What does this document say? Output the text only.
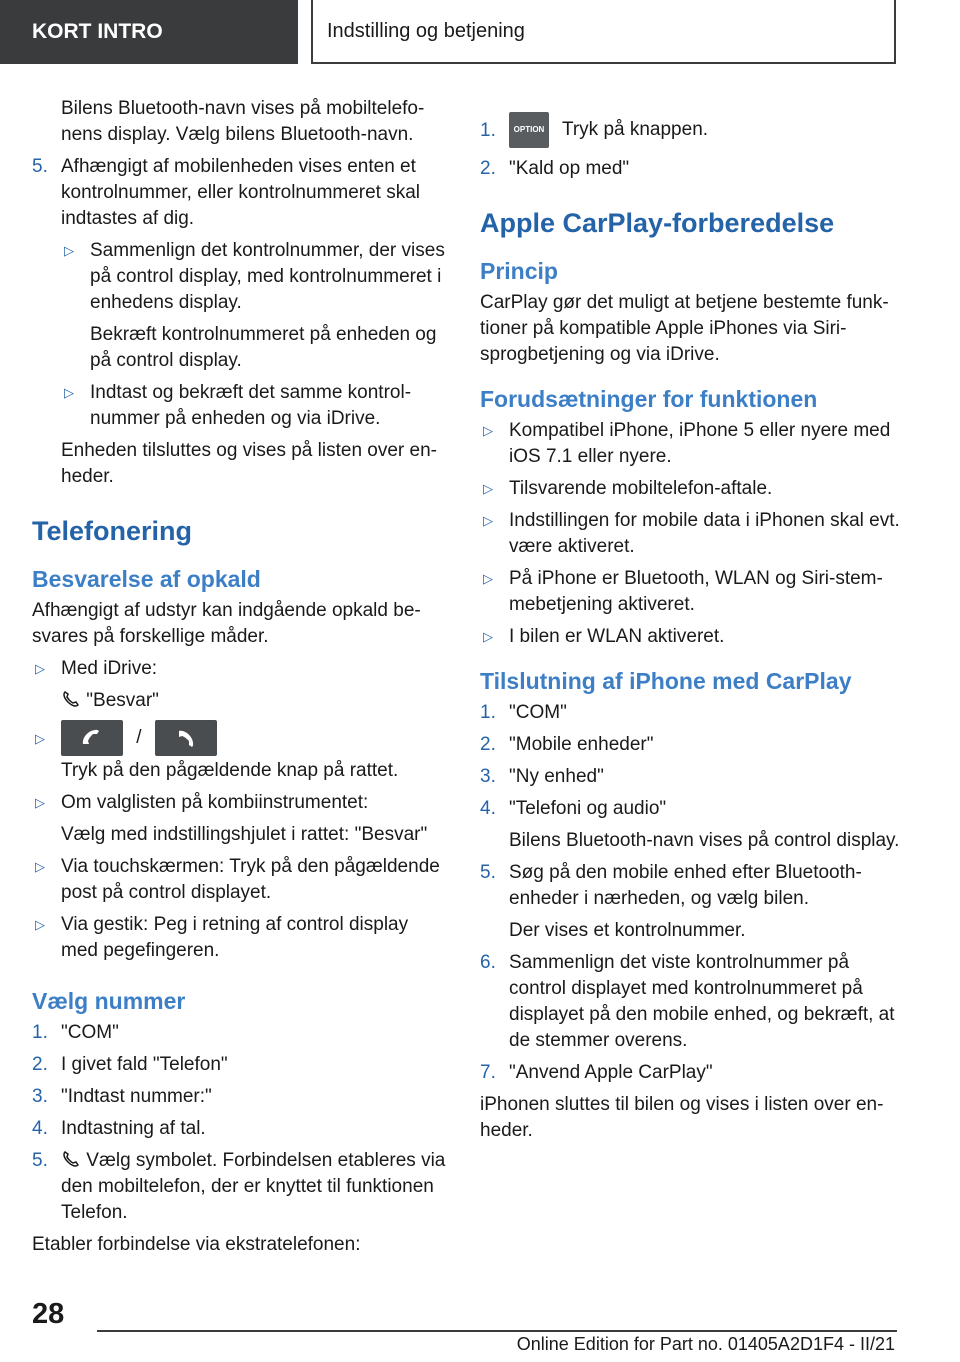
KORT INTRO	Indstilling og betjening

Bilens Bluetooth-navn vises på mobiltelefonens display. Vælg bilens Bluetooth-navn.

5. Afhængigt af mobilenheden vises enten et kontrolnummer, eller kontrolnummeret skal indtastes af dig.
▷ Sammenlign det kontrolnummer, der vises på control display, med kontrolnummeret i enhedens display.

Bekræft kontrolnummeret på enheden og på control display.

▷ Indtast og bekræft det samme kontrolnummer på enheden og via iDrive.

Enheden tilsluttes og vises på listen over enheder.

Telefonering
Besvarelse af opkald

Afhængigt af udstyr kan indgående opkald besvares på forskellige måder.

▷ Med iDrive:

"Besvar"

▷	/

Tryk på den pågældende knap på rattet.

▷ Om valglisten på kombiinstrumentet:

Vælg med indstillingshjulet i rattet: "Besvar"

▷ Via touchskærmen: Tryk på den pågældende post på control displayet.
▷ Via gestik: Peg i retning af control display med pegefingeren.
Vælg nummer
1. "COM"
2. I givet fald "Telefon"
3. "Indtast nummer:"
4. Indtastning af tal.
5. Vælg symbolet. Forbindelsen etableres via den mobiltelefon, der er knyttet til funktionen Telefon.

Etabler forbindelse via ekstratelefonen:

1. OPTION Tryk på knappen.
2. "Kald op med"
Apple CarPlay-forberedelse
Princip

CarPlay gør det muligt at betjene bestemte funktioner på kompatible Apple iPhones via Siri-sprogbetjening og via iDrive.

Forudsætninger for funktionen
▷ Kompatibel iPhone, iPhone 5 eller nyere med iOS 7.1 eller nyere.
▷ Tilsvarende mobiltelefon-aftale.
▷ Indstillingen for mobile data i iPhonen skal evt. være aktiveret.
▷ På iPhone er Bluetooth, WLAN og Siri-stemmebetjening aktiveret.
▷ I bilen er WLAN aktiveret.
Tilslutning af iPhone med CarPlay
1. "COM"
2. "Mobile enheder"
3. "Ny enhed"
4. "Telefoni og audio"

Bilens Bluetooth-navn vises på control display.

5. Søg på den mobile enhed efter Bluetooth-enheder i nærheden, og vælg bilen.

Der vises et kontrolnummer.

6. Sammenlign det viste kontrolnummer på control displayet med kontrolnummeret på displayet på den mobile enhed, og bekræft, at de stemmer overens.
7. "Anvend Apple CarPlay"

iPhonen sluttes til bilen og vises i listen over enheder.

28
Online Edition for Part no. 01405A2D1F4 - II/21
